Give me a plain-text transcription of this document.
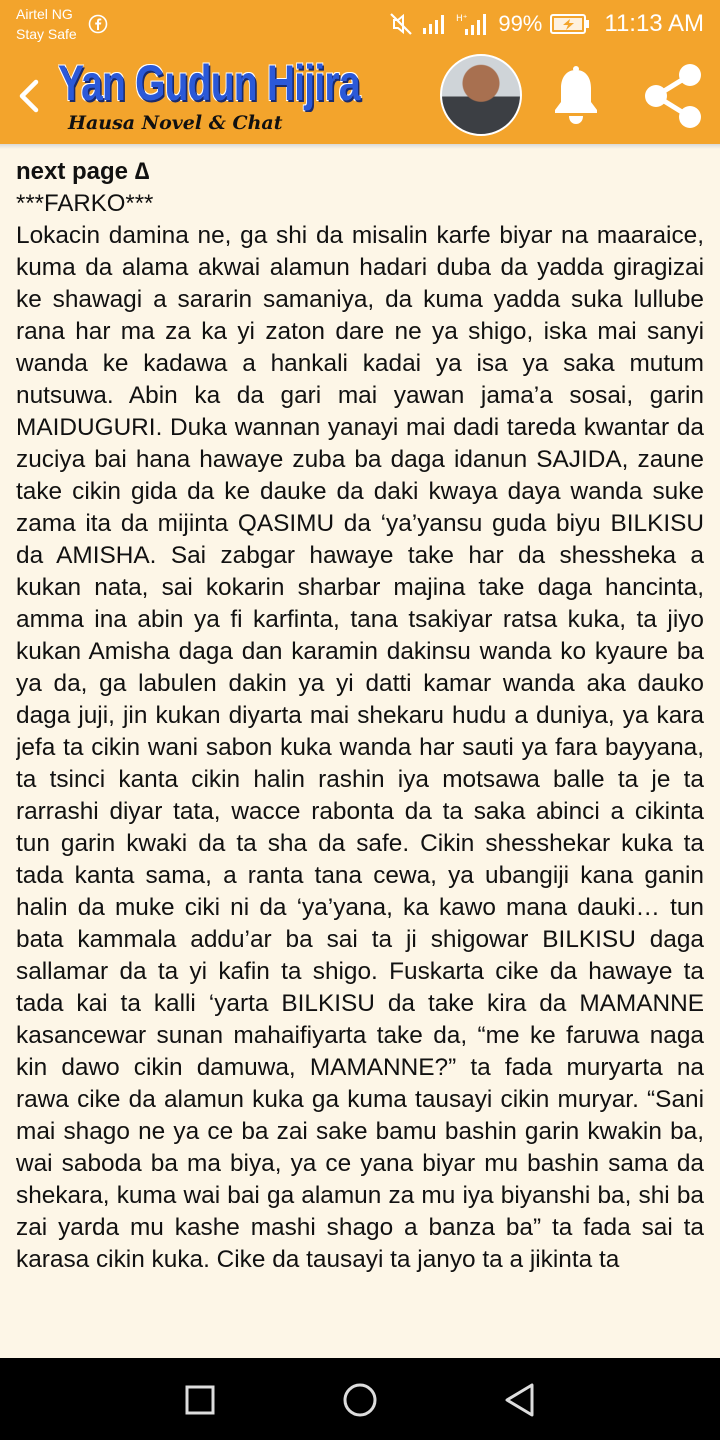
Airtel NG
Stay Safe
H⁺ 99%	11:13 AM
Yan Gudun Hijira
Hausa Novel & Chat
next page ∆
***FARKO***

Lokacin damina ne, ga shi da misalin karfe biyar na maaraice, kuma da alama akwai alamun hadari duba da yadda giragizai ke shawagi a sararin samaniya, da kuma yadda suka lullube rana har ma za ka yi zaton dare ne ya shigo, iska mai sanyi wanda ke kadawa a hankali kadai ya isa ya saka mutum nutsuwa. Abin ka da gari mai yawan jama’a sosai, garin MAIDUGURI. Duka wannan yanayi mai dadi tareda kwantar da zuciya bai hana hawaye zuba ba daga idanun SAJIDA, zaune take cikin gida da ke dauke da daki kwaya daya wanda suke zama ita da mijinta QASIMU da ‘ya’yansu guda biyu BILKISU da AMISHA. Sai zabgar hawaye take har da shessheka a kukan nata, sai kokarin sharbar majina take daga hancinta, amma ina abin ya fi karfinta, tana tsakiyar ratsa kuka, ta jiyo kukan Amisha daga dan karamin dakinsu wanda ko kyaure ba ya da, ga labulen dakin ya yi datti kamar wanda aka dauko daga juji, jin kukan diyarta mai shekaru hudu a duniya, ya kara jefa ta cikin wani sabon kuka wanda har sauti ya fara bayyana, ta tsinci kanta cikin halin rashin iya motsawa balle ta je ta rarrashi diyar tata, wacce rabonta da ta saka abinci a cikinta tun garin kwaki da ta sha da safe. Cikin shesshekar kuka ta tada kanta sama, a ranta tana cewa, ya ubangiji kana ganin halin da muke ciki ni da ‘ya’yana, ka kawo mana dauki… tun bata kammala addu’ar ba sai ta ji shigowar BILKISU daga sallamar da ta yi kafin ta shigo. Fuskarta cike da hawaye ta tada kai ta kalli ‘yarta BILKISU da take kira da MAMANNE kasancewar sunan mahaifiyarta take da, “me ke faruwa naga kin dawo cikin damuwa, MAMANNE?” ta fada muryarta na rawa cike da alamun kuka ga kuma tausayi cikin muryar. “Sani mai shago ne ya ce ba zai sake bamu bashin garin kwakin ba, wai saboda ba ma biya, ya ce yana biyar mu bashin sama da shekara, kuma wai bai ga alamun za mu iya biyanshi ba, shi ba zai yarda mu kashe mashi shago a banza ba” ta fada sai ta karasa cikin kuka. Cike da tausayi ta janyo ta a jikinta ta
